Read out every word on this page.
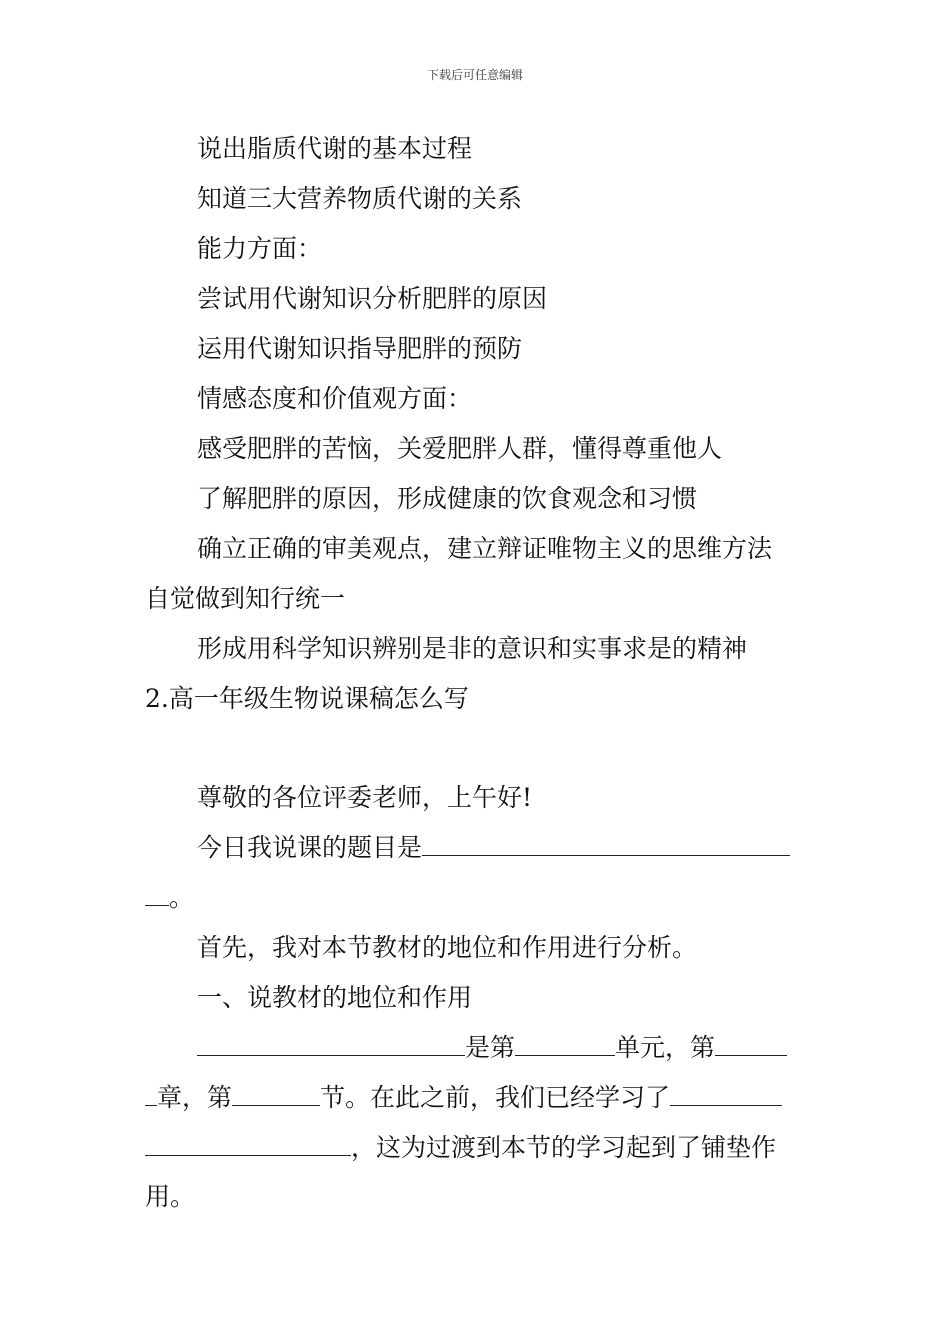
下载后可任意编辑
说出脂质代谢的基本过程
知道三大营养物质代谢的关系
能力方面：
尝试用代谢知识分析肥胖的原因
运用代谢知识指导肥胖的预防
情感态度和价值观方面：
感受肥胖的苦恼，关爱肥胖人群，懂得尊重他人
了解肥胖的原因，形成健康的饮食观念和习惯
确立正确的审美观点，建立辩证唯物主义的思维方法
自觉做到知行统一
形成用科学知识辨别是非的意识和实事求是的精神
2.高一年级生物说课稿怎么写
尊敬的各位评委老师，上午好!
今日我说课的题目是
。
首先，我对本节教材的地位和作用进行分析。
一、说教材的地位和作用
是第	单元，第
章，第	节。在此之前，我们已经学习了
，这为过渡到本节的学习起到了铺垫作
用。
